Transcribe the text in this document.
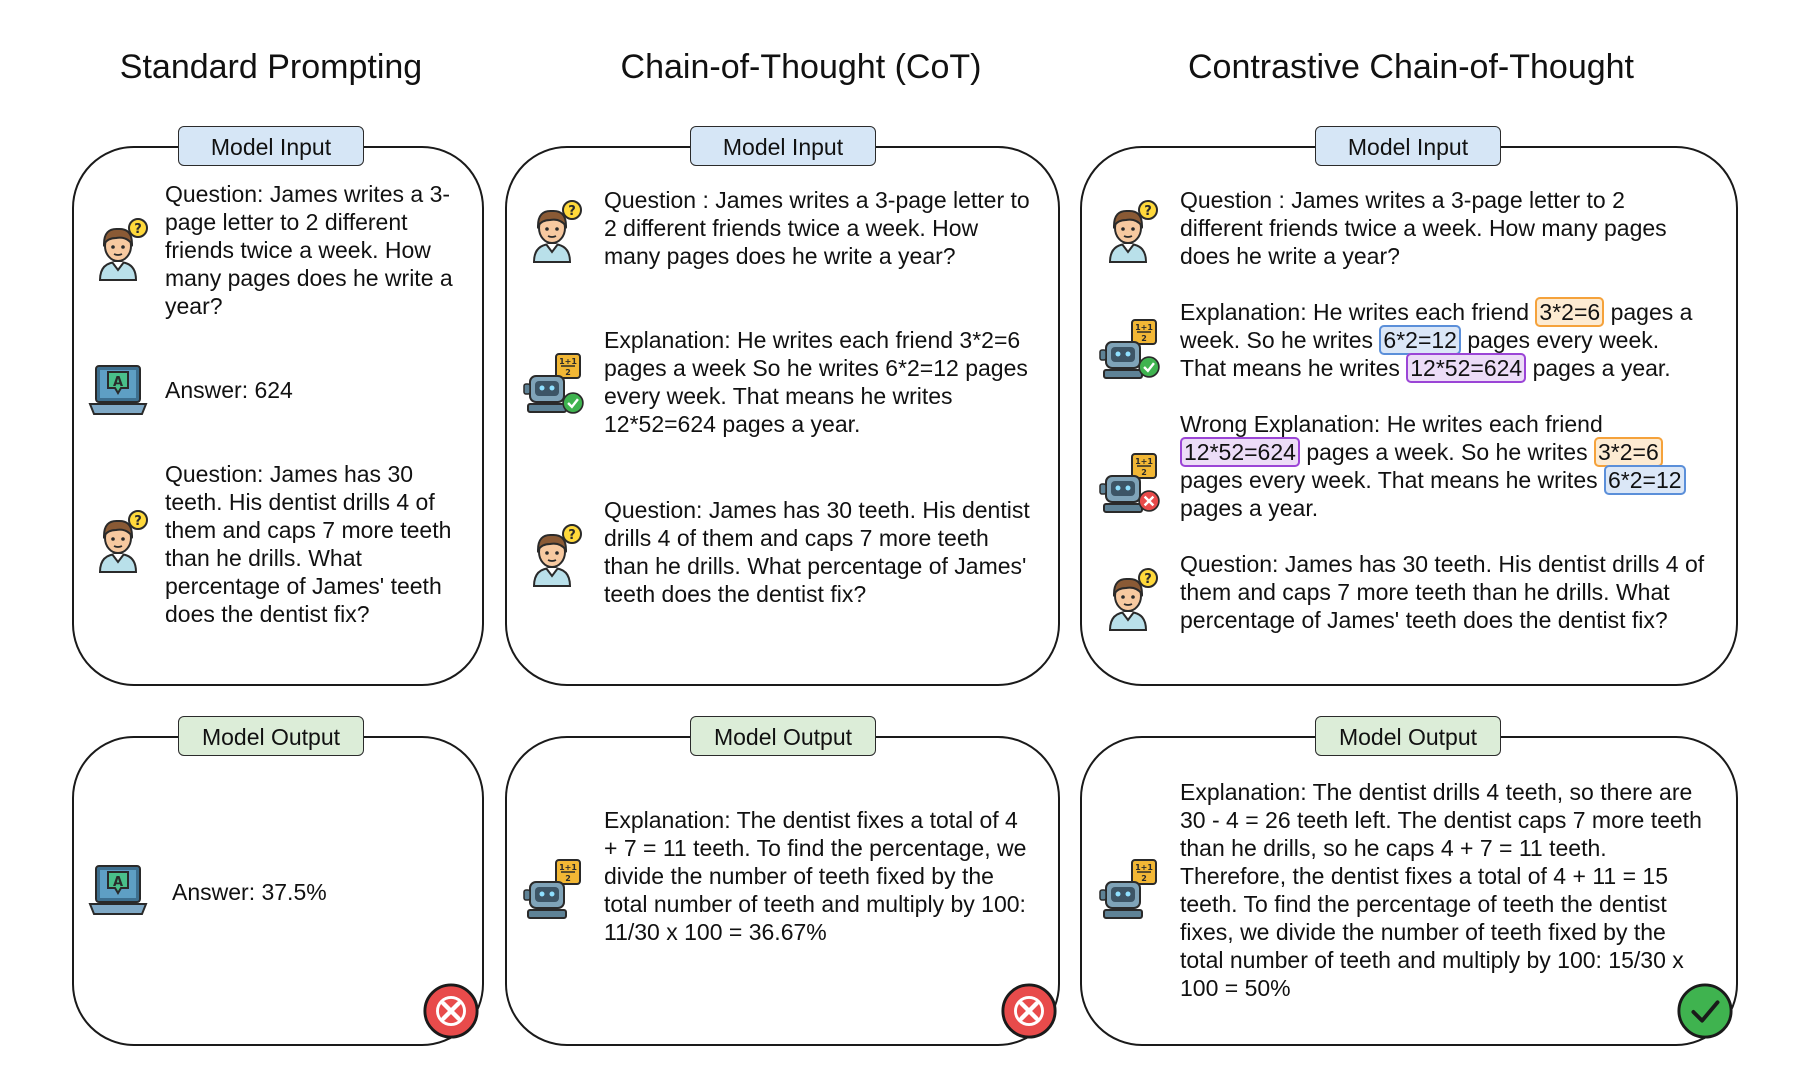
Standard Prompting	Chain-of-Thought (CoT)	Contrastive Chain-of-Thought
Model Input
Question: James writes a 3-page letter to 2 different friends twice a week. How many pages does he write a year?
Answer: 624
Question: James has 30 teeth. His dentist drills 4 of them and caps 7 more teeth than he drills. What percentage of James' teeth does the dentist fix?
Model Output
Answer: 37.5%
Model Input
Question : James writes a 3-page letter to 2 different friends twice a week. How many pages does he write a year?
Explanation: He writes each friend 3*2=6 pages a week So he writes 6*2=12 pages every week. That means he writes 12*52=624 pages a year.
Question: James has 30 teeth. His dentist drills 4 of them and caps 7 more teeth than he drills. What percentage of James' teeth does the dentist fix?
Model Output
Explanation: The dentist fixes a total of 4 + 7 = 11 teeth. To find the percentage, we divide the number of teeth fixed by the total number of teeth and multiply by 100: 11/30 x 100 = 36.67%
Model Input
Question : James writes a 3-page letter to 2 different friends twice a week. How many pages does he write a year?
Explanation: He writes each friend 3*2=6 pages a week. So he writes 6*2=12 pages every week. That means he writes 12*52=624 pages a year.
Wrong Explanation: He writes each friend 12*52=624 pages a week. So he writes 3*2=6 pages every week. That means he writes 6*2=12 pages a year.
Question: James has 30 teeth. His dentist drills 4 of them and caps 7 more teeth than he drills. What percentage of James' teeth does the dentist fix?
Model Output
Explanation: The dentist drills 4 teeth, so there are 30 - 4 = 26 teeth left. The dentist caps 7 more teeth than he drills, so he caps 4 + 7 = 11 teeth. Therefore, the dentist fixes a total of 4 + 11 = 15 teeth. To find the percentage of teeth the dentist fixes, we divide the number of teeth fixed by the total number of teeth and multiply by 100: 15/30 x 100 = 50%
